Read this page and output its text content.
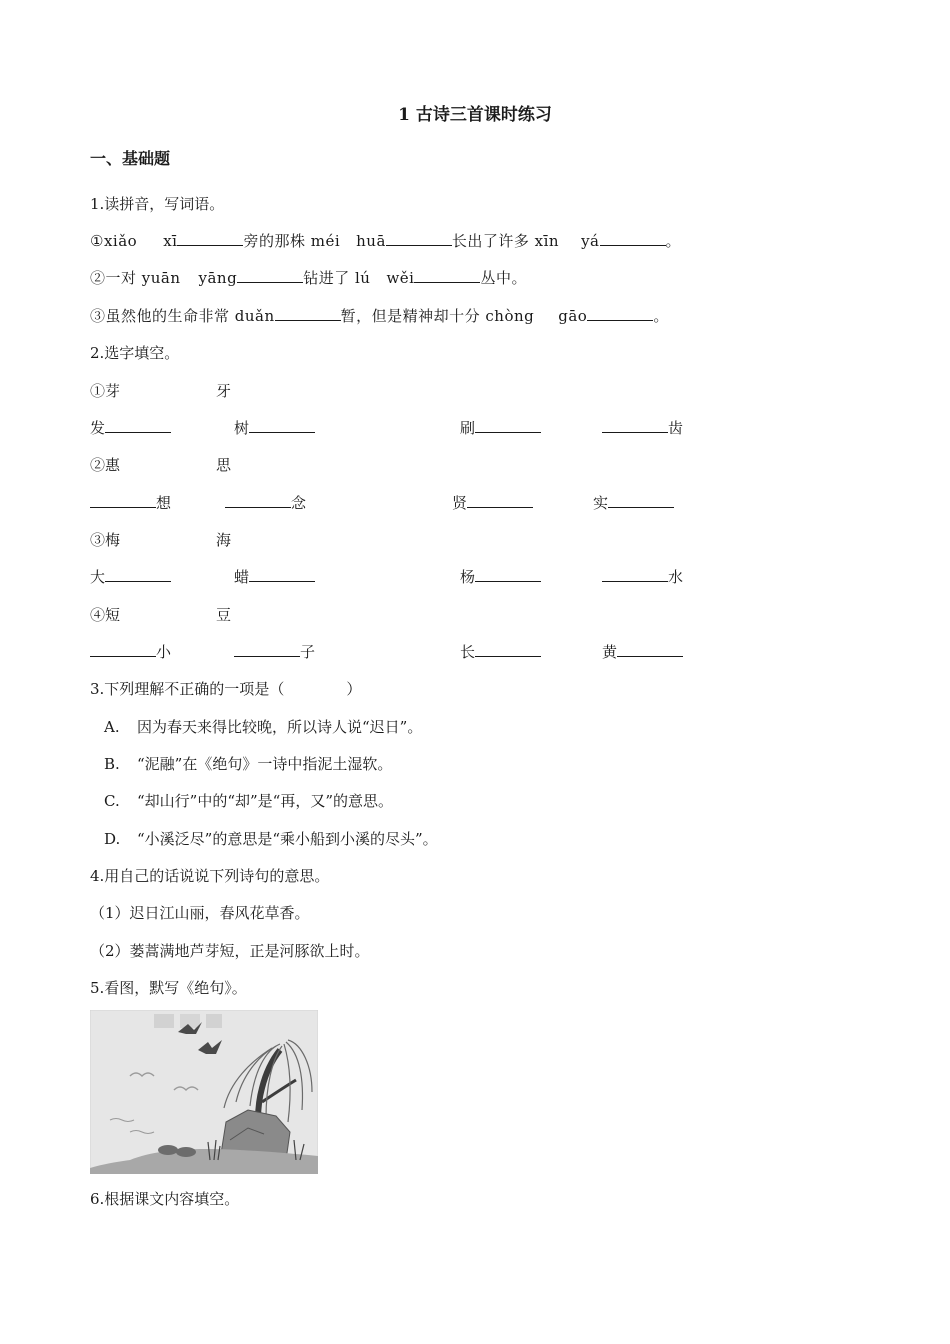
1 古诗三首课时练习
一、基础题
1.读拼音，写词语。
①xiǎo xī	旁的那株 méi huā	长出了许多 xīn yá	。
②一对 yuān yāng	钻进了 lú wěi	丛中。
③虽然他的生命非常 duǎn	暂，但是精神却十分 chòng gāo	。
2.选字填空。
①芽	牙
发	树	刷	齿
②惠	思
想	念	贤	实
③梅	海
大	蜡	杨	水
④短	豆
小	子	长	黄
3.下列理解不正确的一项是（	）
A. 因为春天来得比较晚，所以诗人说“迟日”。
B. “泥融”在《绝句》一诗中指泥土湿软。
C. “却山行”中的“却”是“再，又”的意思。
D. “小溪泛尽”的意思是“乘小船到小溪的尽头”。
4.用自己的话说说下列诗句的意思。
（1）迟日江山丽，春风花草香。
（2）蒌蒿满地芦芽短，正是河豚欲上时。
5.看图，默写《绝句》。
6.根据课文内容填空。
